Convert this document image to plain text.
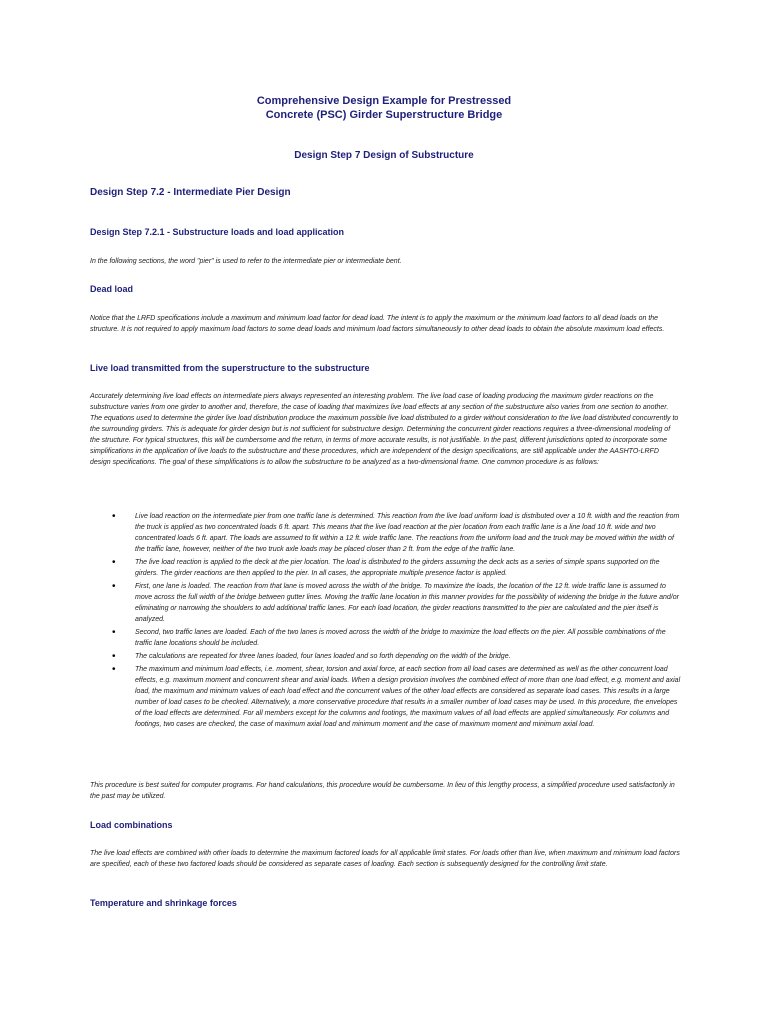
Comprehensive Design Example for Prestressed
Concrete (PSC) Girder Superstructure Bridge
Design Step 7 Design of Substructure
Design Step 7.2 - Intermediate Pier Design
Design Step 7.2.1 - Substructure loads and load application

In the following sections, the word "pier" is used to refer to the intermediate pier or intermediate bent.

Dead load

Notice that the LRFD specifications include a maximum and minimum load factor for dead load. The intent is to apply the maximum or the minimum load factors to all dead loads on the structure. It is not required to apply maximum load factors to some dead loads and minimum load factors simultaneously to other dead loads to obtain the absolute maximum load effects.

Live load transmitted from the superstructure to the substructure

Accurately determining live load effects on intermediate piers always represented an interesting problem. The live load case of loading producing the maximum girder reactions on the substructure varies from one girder to another and, therefore, the case of loading that maximizes live load effects at any section of the substructure also varies from one section to another. The equations used to determine the girder live load distribution produce the maximum possible live load distributed to a girder without consideration to the live load distributed concurrently to the surrounding girders. This is adequate for girder design but is not sufficient for substructure design. Determining the concurrent girder reactions requires a three-dimensional modeling of the structure. For typical structures, this will be cumbersome and the return, in terms of more accurate results, is not justifiable. In the past, different jurisdictions opted to incorporate some simplifications in the application of live loads to the substructure and these procedures, which are independent of the design specifications, are still applicable under the AASHTO-LRFD design specifications. The goal of these simplifications is to allow the substructure to be analyzed as a two-dimensional frame. One common procedure is as follows:

•	Live load reaction on the intermediate pier from one traffic lane is determined. This reaction from the live load uniform load is distributed over a 10 ft. width and the reaction from the truck is applied as two concentrated loads 6 ft. apart. This means that the live load reaction at the pier location from each traffic lane is a line load 10 ft. wide and two concentrated loads 6 ft. apart. The loads are assumed to fit within a 12 ft. wide traffic lane. The reactions from the uniform load and the truck may be moved within the width of the traffic lane, however, neither of the two truck axle loads may be placed closer than 2 ft. from the edge of the traffic lane.
•	The live load reaction is applied to the deck at the pier location. The load is distributed to the girders assuming the deck acts as a series of simple spans supported on the girders. The girder reactions are then applied to the pier. In all cases, the appropriate multiple presence factor is applied.
•	First, one lane is loaded. The reaction from that lane is moved across the width of the bridge. To maximize the loads, the location of the 12 ft. wide traffic lane is assumed to move across the full width of the bridge between gutter lines. Moving the traffic lane location in this manner provides for the possibility of widening the bridge in the future and/or eliminating or narrowing the shoulders to add additional traffic lanes. For each load location, the girder reactions transmitted to the pier are calculated and the pier itself is analyzed.
•	Second, two traffic lanes are loaded. Each of the two lanes is moved across the width of the bridge to maximize the load effects on the pier. All possible combinations of the traffic lane locations should be included.
•	The calculations are repeated for three lanes loaded, four lanes loaded and so forth depending on the width of the bridge.
•	The maximum and minimum load effects, i.e. moment, shear, torsion and axial force, at each section from all load cases are determined as well as the other concurrent load effects, e.g. maximum moment and concurrent shear and axial loads. When a design provision involves the combined effect of more than one load effect, e.g. moment and axial load, the maximum and minimum values of each load effect and the concurrent values of the other load effects are considered as separate load cases. This results in a large number of load cases to be checked. Alternatively, a more conservative procedure that results in a smaller number of load cases may be used. In this procedure, the envelopes of the load effects are determined. For all members except for the columns and footings, the maximum values of all load effects are applied simultaneously. For columns and footings, two cases are checked, the case of maximum axial load and minimum moment and the case of maximum moment and minimum axial load.

This procedure is best suited for computer programs. For hand calculations, this procedure would be cumbersome. In lieu of this lengthy process, a simplified procedure used satisfactorily in the past may be utilized.

Load combinations

The live load effects are combined with other loads to determine the maximum factored loads for all applicable limit states. For loads other than live, when maximum and minimum load factors are specified, each of these two factored loads should be considered as separate cases of loading. Each section is subsequently designed for the controlling limit state.

Temperature and shrinkage forces
